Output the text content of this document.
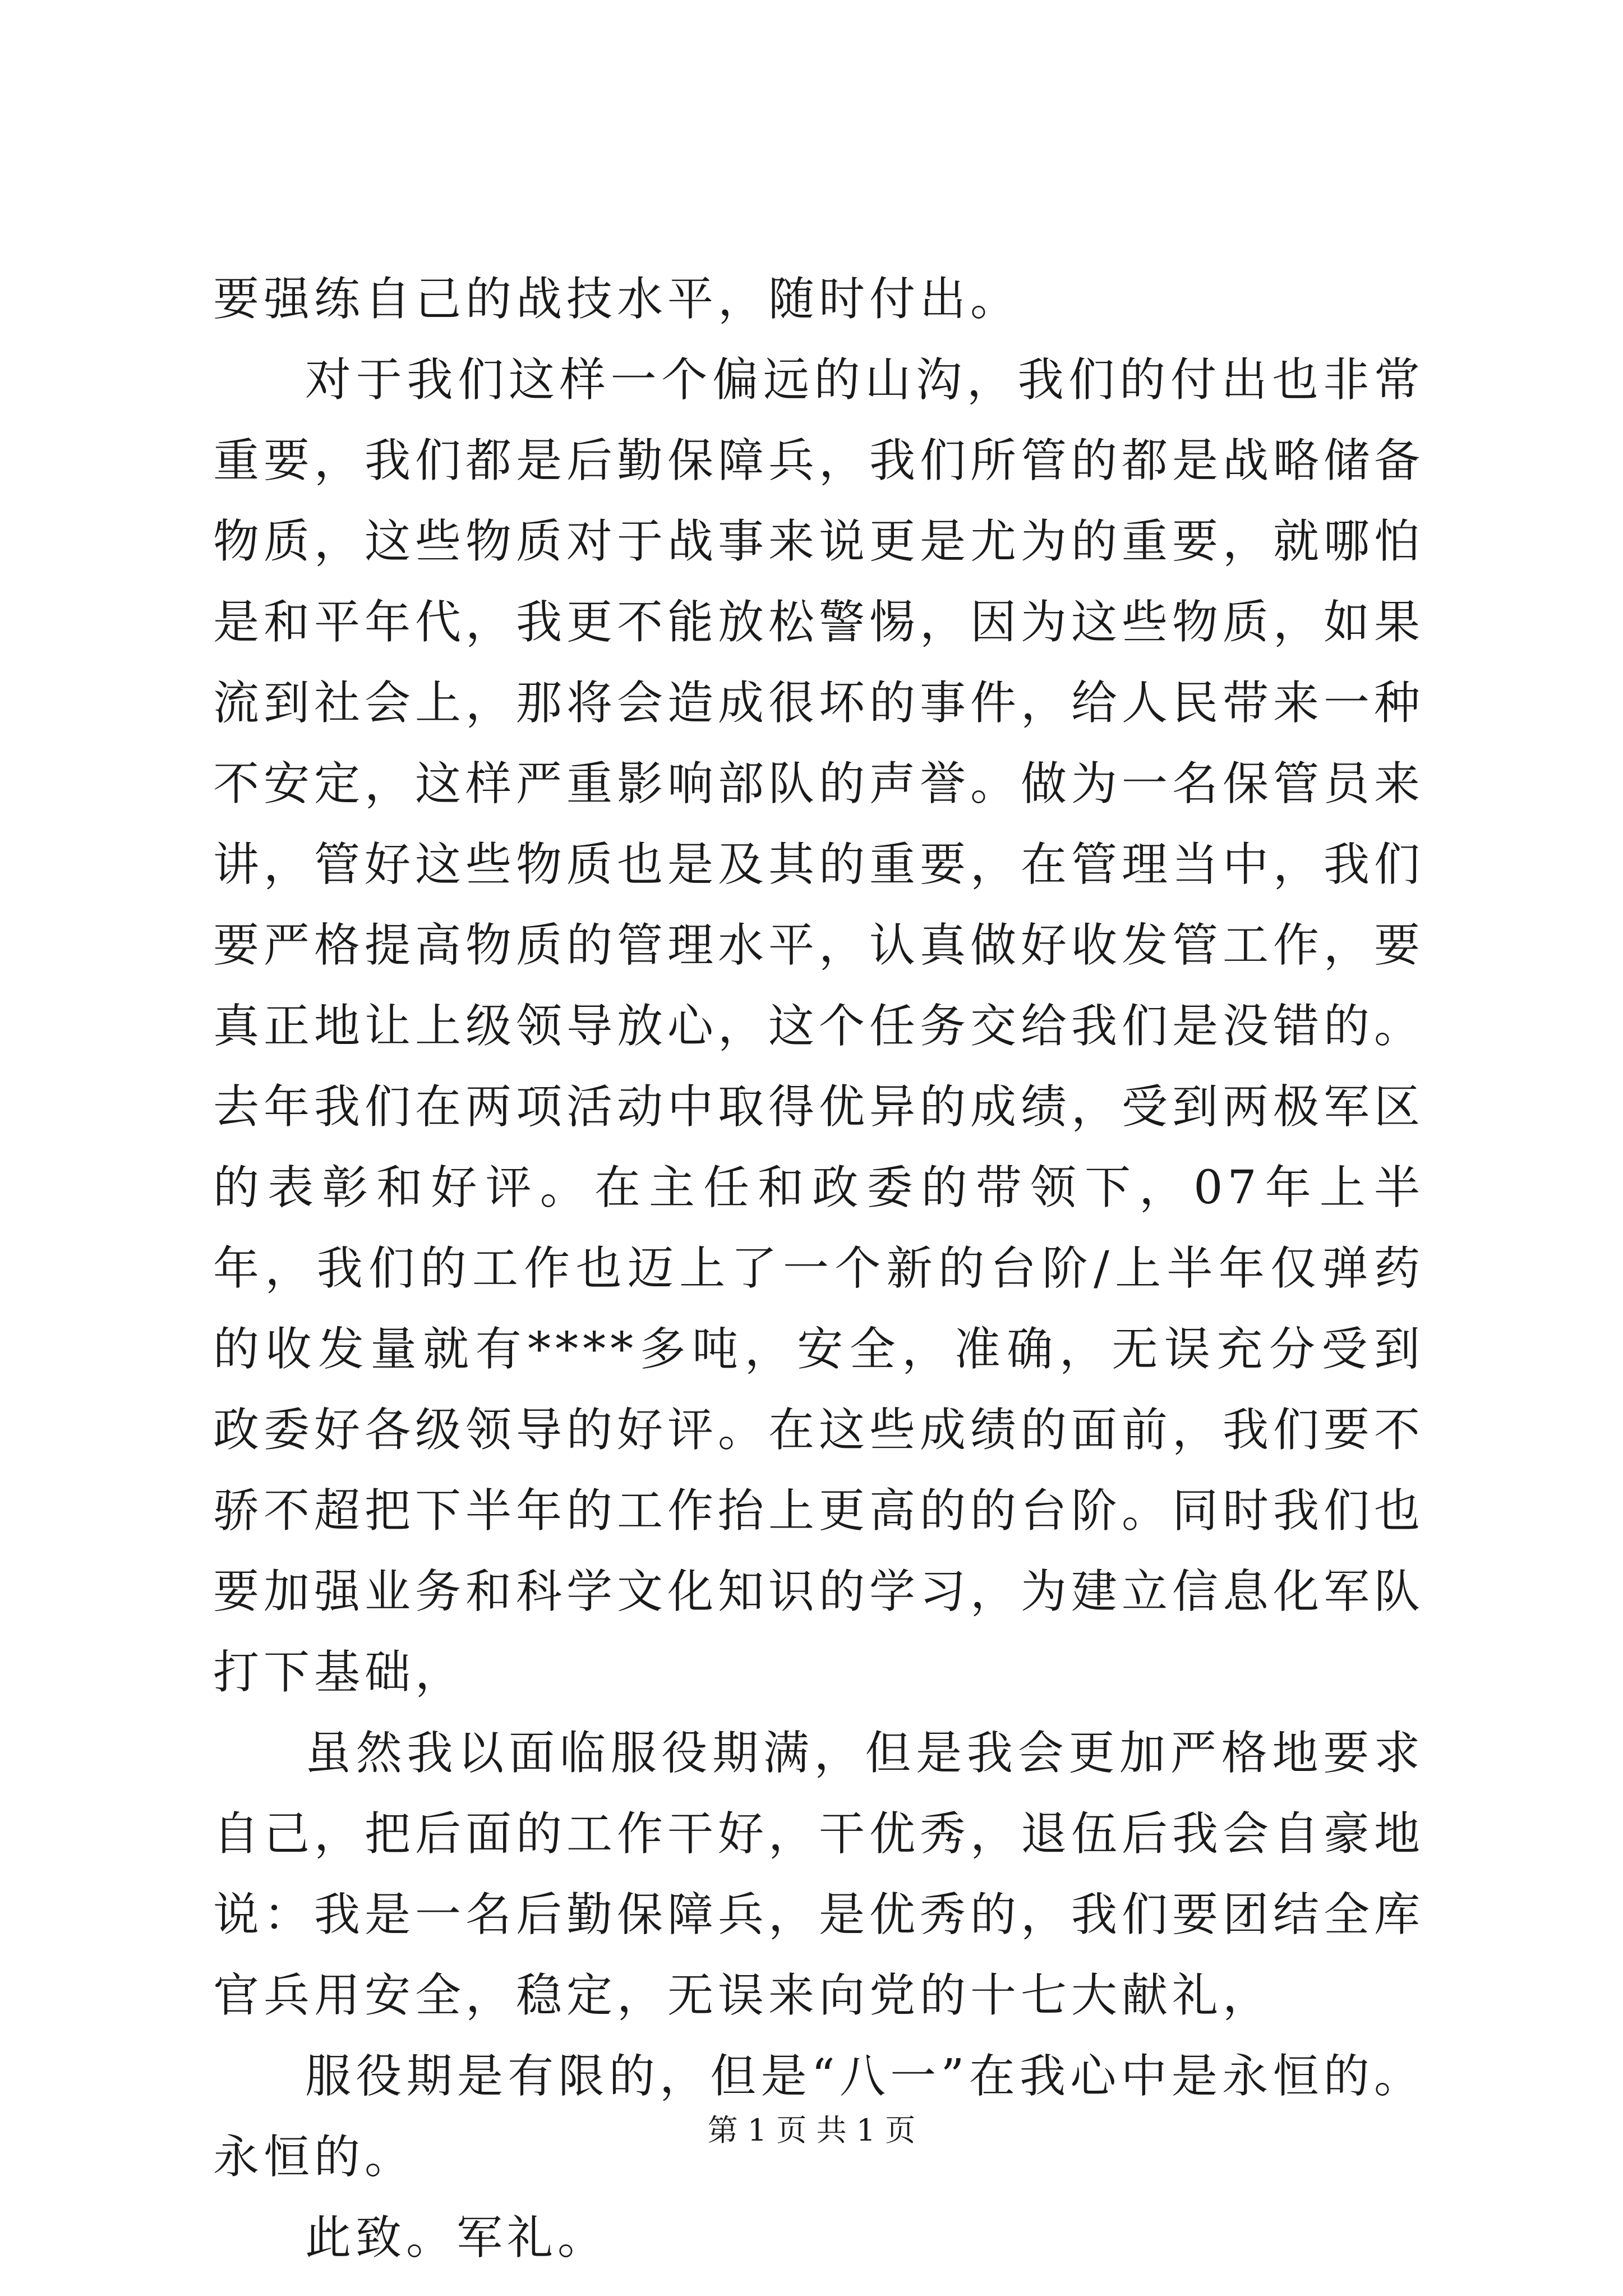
要强练自己的战技水平，随时付出。

对于我们这样一个偏远的山沟，我们的付出也非常重要，我们都是后勤保障兵，我们所管的都是战略储备物质，这些物质对于战事来说更是尤为的重要，就哪怕是和平年代，我更不能放松警惕，因为这些物质，如果流到社会上，那将会造成很坏的事件，给人民带来一种不安定，这样严重影响部队的声誉。做为一名保管员来讲，管好这些物质也是及其的重要，在管理当中，我们要严格提高物质的管理水平，认真做好收发管工作，要真正地让上级领导放心，这个任务交给我们是没错的。去年我们在两项活动中取得优异的成绩，受到两极军区的表彰和好评。在主任和政委的带领下，07年上半年，我们的工作也迈上了一个新的台阶/上半年仅弹药的收发量就有****多吨，安全，准确，无误充分受到政委好各级领导的好评。在这些成绩的面前，我们要不骄不超把下半年的工作抬上更高的的台阶。同时我们也要加强业务和科学文化知识的学习，为建立信息化军队打下基础，

虽然我以面临服役期满，但是我会更加严格地要求自己，把后面的工作干好，干优秀，退伍后我会自豪地说：我是一名后勤保障兵，是优秀的，我们要团结全库官兵用安全，稳定，无误来向党的十七大献礼，

服役期是有限的，但是“八一”在我心中是永恒的。永恒的。

此致。军礼。

第 1 页 共 1 页
